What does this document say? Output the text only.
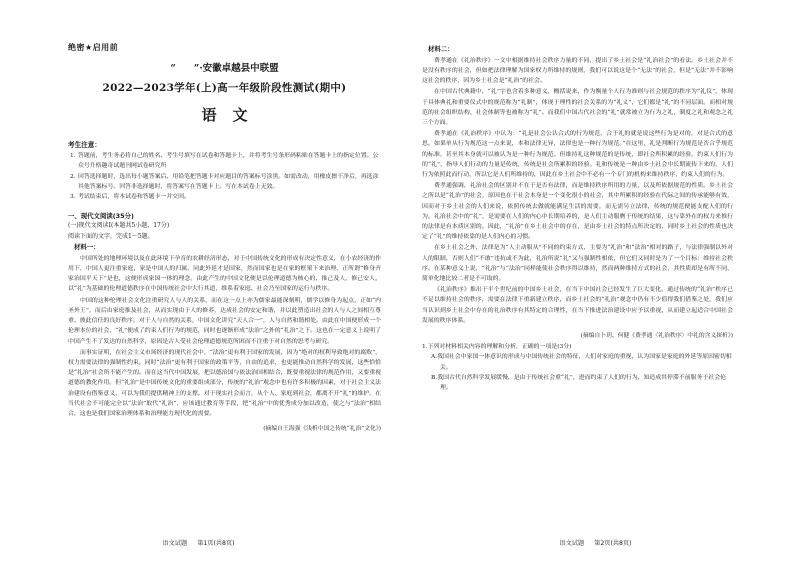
绝密★启用前
“ ”·安徽卓越县中联盟
2022—2023学年(上)高一年级阶段性测试(期中)
语文
考生注意：

1. 答题前，考生务必将自己的姓名、考生号填写在试卷和答题卡上，并将考生号条形码粘贴在答题卡上的指定位置。公众号升格趣奇试题刊网试卷研究所

2. 回答选择题时，选出每小题答案后，用铅笔把答题卡对应题目的答案标号涂黑。如需改动，用橡皮擦干净后，再选涂其他答案标号。回答非选择题时，将答案写在答题卡上。写在本试卷上无效。

3. 考试结束后，将本试卷和答题卡一并交回。

一、现代文阅读(35分)
(一)现代文阅读Ⅰ(本题共5小题，17分)
阅读下面的文字，完成1～5题。
材料一：

中国所处的地理环境以及在此环境下孕育的农耕经济形态，对于中国传统文化的形成有决定性意义，在小农经济的作用下，中国人更注重家庭，家是中国人的归属，同此外延才是国家，然而国家也是在家的框架下来治理，正所谓“修身齐家治国平天下”是也，这便形成家国一体的理念。由此产生的中国文化便是以伦理道德为核心的，推己及人，修己安人，以“礼”为基础的伦理道德秩序在中国传统社会中大行其道，维系着家庭、社会乃至国家的运行与秩序。

中国的这种伦理社会文化注重研究人与人的关系，而在这一点上亦为儒家最能深刻明，儒学以修身为起点，正如“内圣外王”，而后由家庭推及社会，从而实现由于人的修养，达成社会的安定和谐，并以此塑造出社会的人与人之间相互尊重、彼此信任的良好秩序。对于人与自然的关系，中国文化讲究“天人合一”，人与自然和谐相处。由此在中国便形成一个伦理本位的社会，“礼”便成了约束人们行为的规范，同时也逐渐形成“法治”之外的“礼治”之下。这也在一定意义上说明了中国产生不了发达的自然科学，原因是古人受社会伦理道德规范所困而不注重于对自然的思考与研究。

而事实证明，在社会主义市场经济的现代社会中，“法治”更有利于国家的发展，因为“绝对的权利导致绝对的腐败”，权力需要法律的强制性约束。同时“法治”更有利于国家的政策平等，自由的追求，也更能推动自然科学的发展，这些恰恰是“礼治”社会所不能产生的。而在这当代中国发展，把以德治国与依法治国相结合，既要重视法律的规范作用，又要重视道德的教化作用。但“礼治”是中国传统文化的重要组成部分，传统的“礼治”观念中也有许多积极的因素，对于社会主义法治建设有借鉴意义，可以为我们提供精神上的支撑。对于现实社会而言，从个人、家庭到社会，都离不开“礼”的维护。在当代社会不可能完全以“法治”取代“礼治”，应该通过教育等手段，把“礼治”中的优秀成分加以改造，使之与“法治”相结合，这也是我们国家治理体系和治理能力现代化的需要。

(摘编自王海强《浅析中国之传统“礼治”文化》)
语文试题 第1页(共8页)
材料二：

费孝通在《礼治秩序》一文中根据维持社会秩序力量的不同，提出了乡土社会是“礼治社会”的看法。乡土社会并不是没有秩序的社会，但如把法律理解为国家权力所维持的规则，我们可以说这是个“无法”的社会，但是“无法”并不影响这社会的秩序，因为乡土社会是“礼治”的社会。

在中国古代典籍中，“礼”字也含着多种意义，概括说来，作为衡量个人行为准则与社会规范的秩序为“礼仪”，体现于具体典礼和重要仪式中的规范称为“礼制”，体现于理性的社会关系的为“礼义”，它们都是“礼”的不同层面。而相对规范的社会组织结构、社会体制等也被称为“礼”。而我们中国古代社会的“礼”就常被立为行为之礼，制度之礼和观念之礼三个方面。

费孝通在《礼治秩序》中认为：“礼是社会公认合式的行为规范，合于礼的就是说这些行为是对的，对是合式的意思。如果单从行为规范这一点来说，本和法律无异，法律也是一种行为规范。”在这里，礼是判断行为规范是否合乎规范的标准，甚至其本身就可以被认为是一种行为规范。但维持礼这种规范的是传统，即社会所积累的经验。约束人们行为的“礼”，指导人们行动的力量是传统，传统是社会所累积的经验。礼和传统是一种由乡土社会中长期流传下来的，人们行为依照此而行动，所以它是人们所维持的，因此在乡土社会中不必有一个专门的机构来维持秩序，约束人们的行为。

费孝通强调，礼治社会的区别并不在于是否有法律，而是维持秩序所用的力量，以及所依据规范的性质。乡土社会之所以是“礼治”的社会，原因也在于社会本身是一个变化很小的社会，其中所累积的经验在代际之间的传承能够有效，因而对于乡土社会的人们来说，依照传统去做就能满足生活的需要，而无需另立法律，传统的规范便能支配人们的行为。礼治社会中的“礼”，是需要在人们的内心中长期培养的，是人们主动服膺于传统的结果，这与靠外在的权力来推行的法律是有本质区别的。因此，“礼治”在乡土社会中的存在，是由乡土社会的特点所决定的，同时乡土社会的性质也决定了“礼”的维持依靠的是人们内心的习惯。

在乡土社会之外，法律是为“人主动服从”不同的约束方式，主要为“礼治”和“法治”相对的路子，与法律强制以外对人的限制，否则人们“不敢”违抗或不为此，礼治所说“礼”又与强制性相依，但它们又同时是为了一个目标：维持社会秩序。在某种意义上说，“礼治”与“法治”同样能使社会秩序得以维持，然而两种维持方式的社会，其性质却是有所不同，简单化地比较二者是不可取的。

《礼治秩序》推出于半个世纪前的中国乡土社会，在当下中国社会已经发生了巨大变化。通过传统的“礼治”秩序已不足以维持社会的秩序，需要在法律下重新建立秩序，而乡土社会的“礼治”观念中仍有不少值得我们借鉴之处，我们应当认识到乡土社会中存在的礼治秩序有其特定的合理性，在当下推进法治建设中应予以重视，从而建立起适合中国社会发展的秩序体系。

(摘编自卜玥、何健《费孝通〈礼治秩序〉中礼的含义探析》)
1.下列对材料相关内容的理解和分析，正确的一项是(3分)
A.我国社会中家国一体意识的形成与中国传统社会的特征，人们对家庭的重视，认为国家是家庭的外延等原因密切相关。
B.我国古代自然科学发展缓慢，是由于传统社会重“礼”，进而约束了人们的行为，知造成其停滞不前服务于社会伦理。
语文试题 第2页(共8页)
